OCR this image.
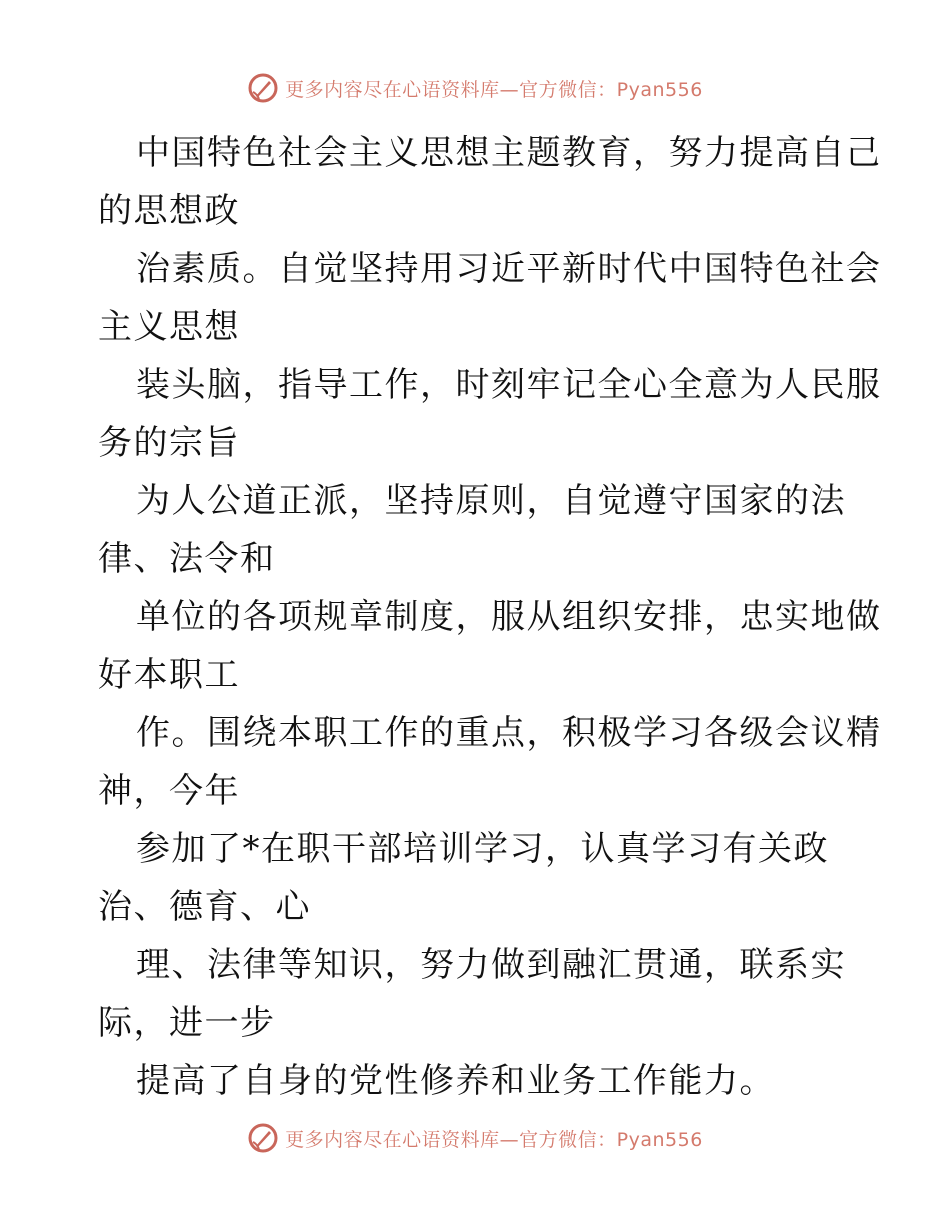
更多内容尽在心语资料库—官方微信：Pyan556
中国特色社会主义思想主题教育，努力提高自己
的思想政
治素质。自觉坚持用习近平新时代中国特色社会
主义思想
装头脑，指导工作，时刻牢记全心全意为人民服
务的宗旨
为人公道正派，坚持原则，自觉遵守国家的法
律、法令和
单位的各项规章制度，服从组织安排，忠实地做
好本职工
作。围绕本职工作的重点，积极学习各级会议精
神，今年
参加了*在职干部培训学习，认真学习有关政
治、德育、心
理、法律等知识，努力做到融汇贯通，联系实
际，进一步
提高了自身的党性修养和业务工作能力。
更多内容尽在心语资料库—官方微信：Pyan556
